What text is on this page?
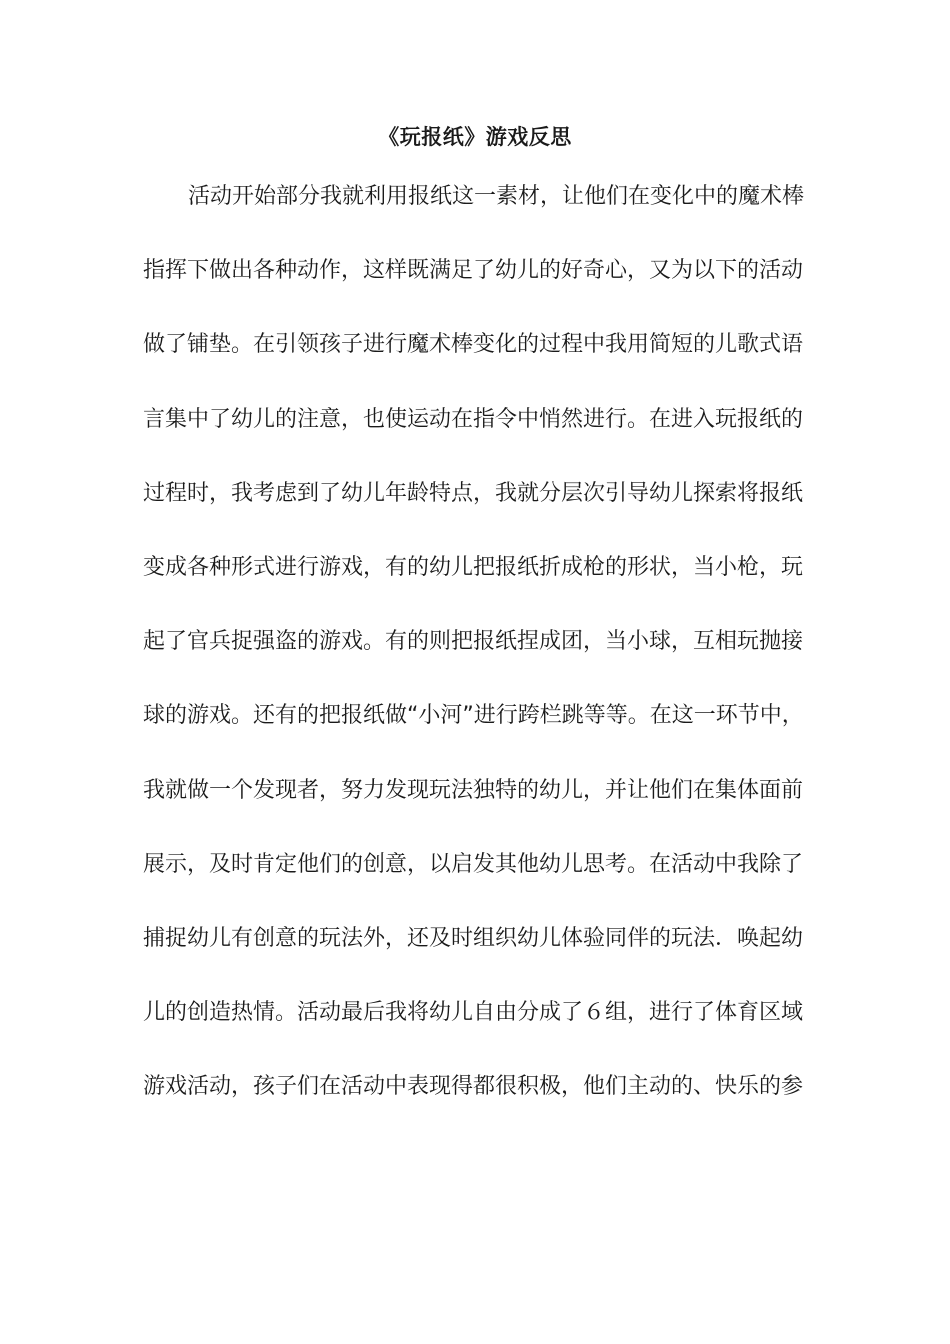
《玩报纸》游戏反思
活动开始部分我就利用报纸这一素材，让他们在变化中的魔术棒
指挥下做出各种动作，这样既满足了幼儿的好奇心，又为以下的活动
做了铺垫。在引领孩子进行魔术棒变化的过程中我用简短的儿歌式语
言集中了幼儿的注意，也使运动在指令中悄然进行。在进入玩报纸的
过程时，我考虑到了幼儿年龄特点，我就分层次引导幼儿探索将报纸
变成各种形式进行游戏，有的幼儿把报纸折成枪的形状，当小枪，玩
起了官兵捉强盗的游戏。有的则把报纸捏成团，当小球，互相玩抛接
球的游戏。还有的把报纸做“小河”进行跨栏跳等等。在这一环节中，
我就做一个发现者，努力发现玩法独特的幼儿，并让他们在集体面前
展示，及时肯定他们的创意，以启发其他幼儿思考。在活动中我除了
捕捉幼儿有创意的玩法外，还及时组织幼儿体验同伴的玩法．唤起幼
儿的创造热情。活动最后我将幼儿自由分成了６组，进行了体育区域
游戏活动，孩子们在活动中表现得都很积极，他们主动的、快乐的参
